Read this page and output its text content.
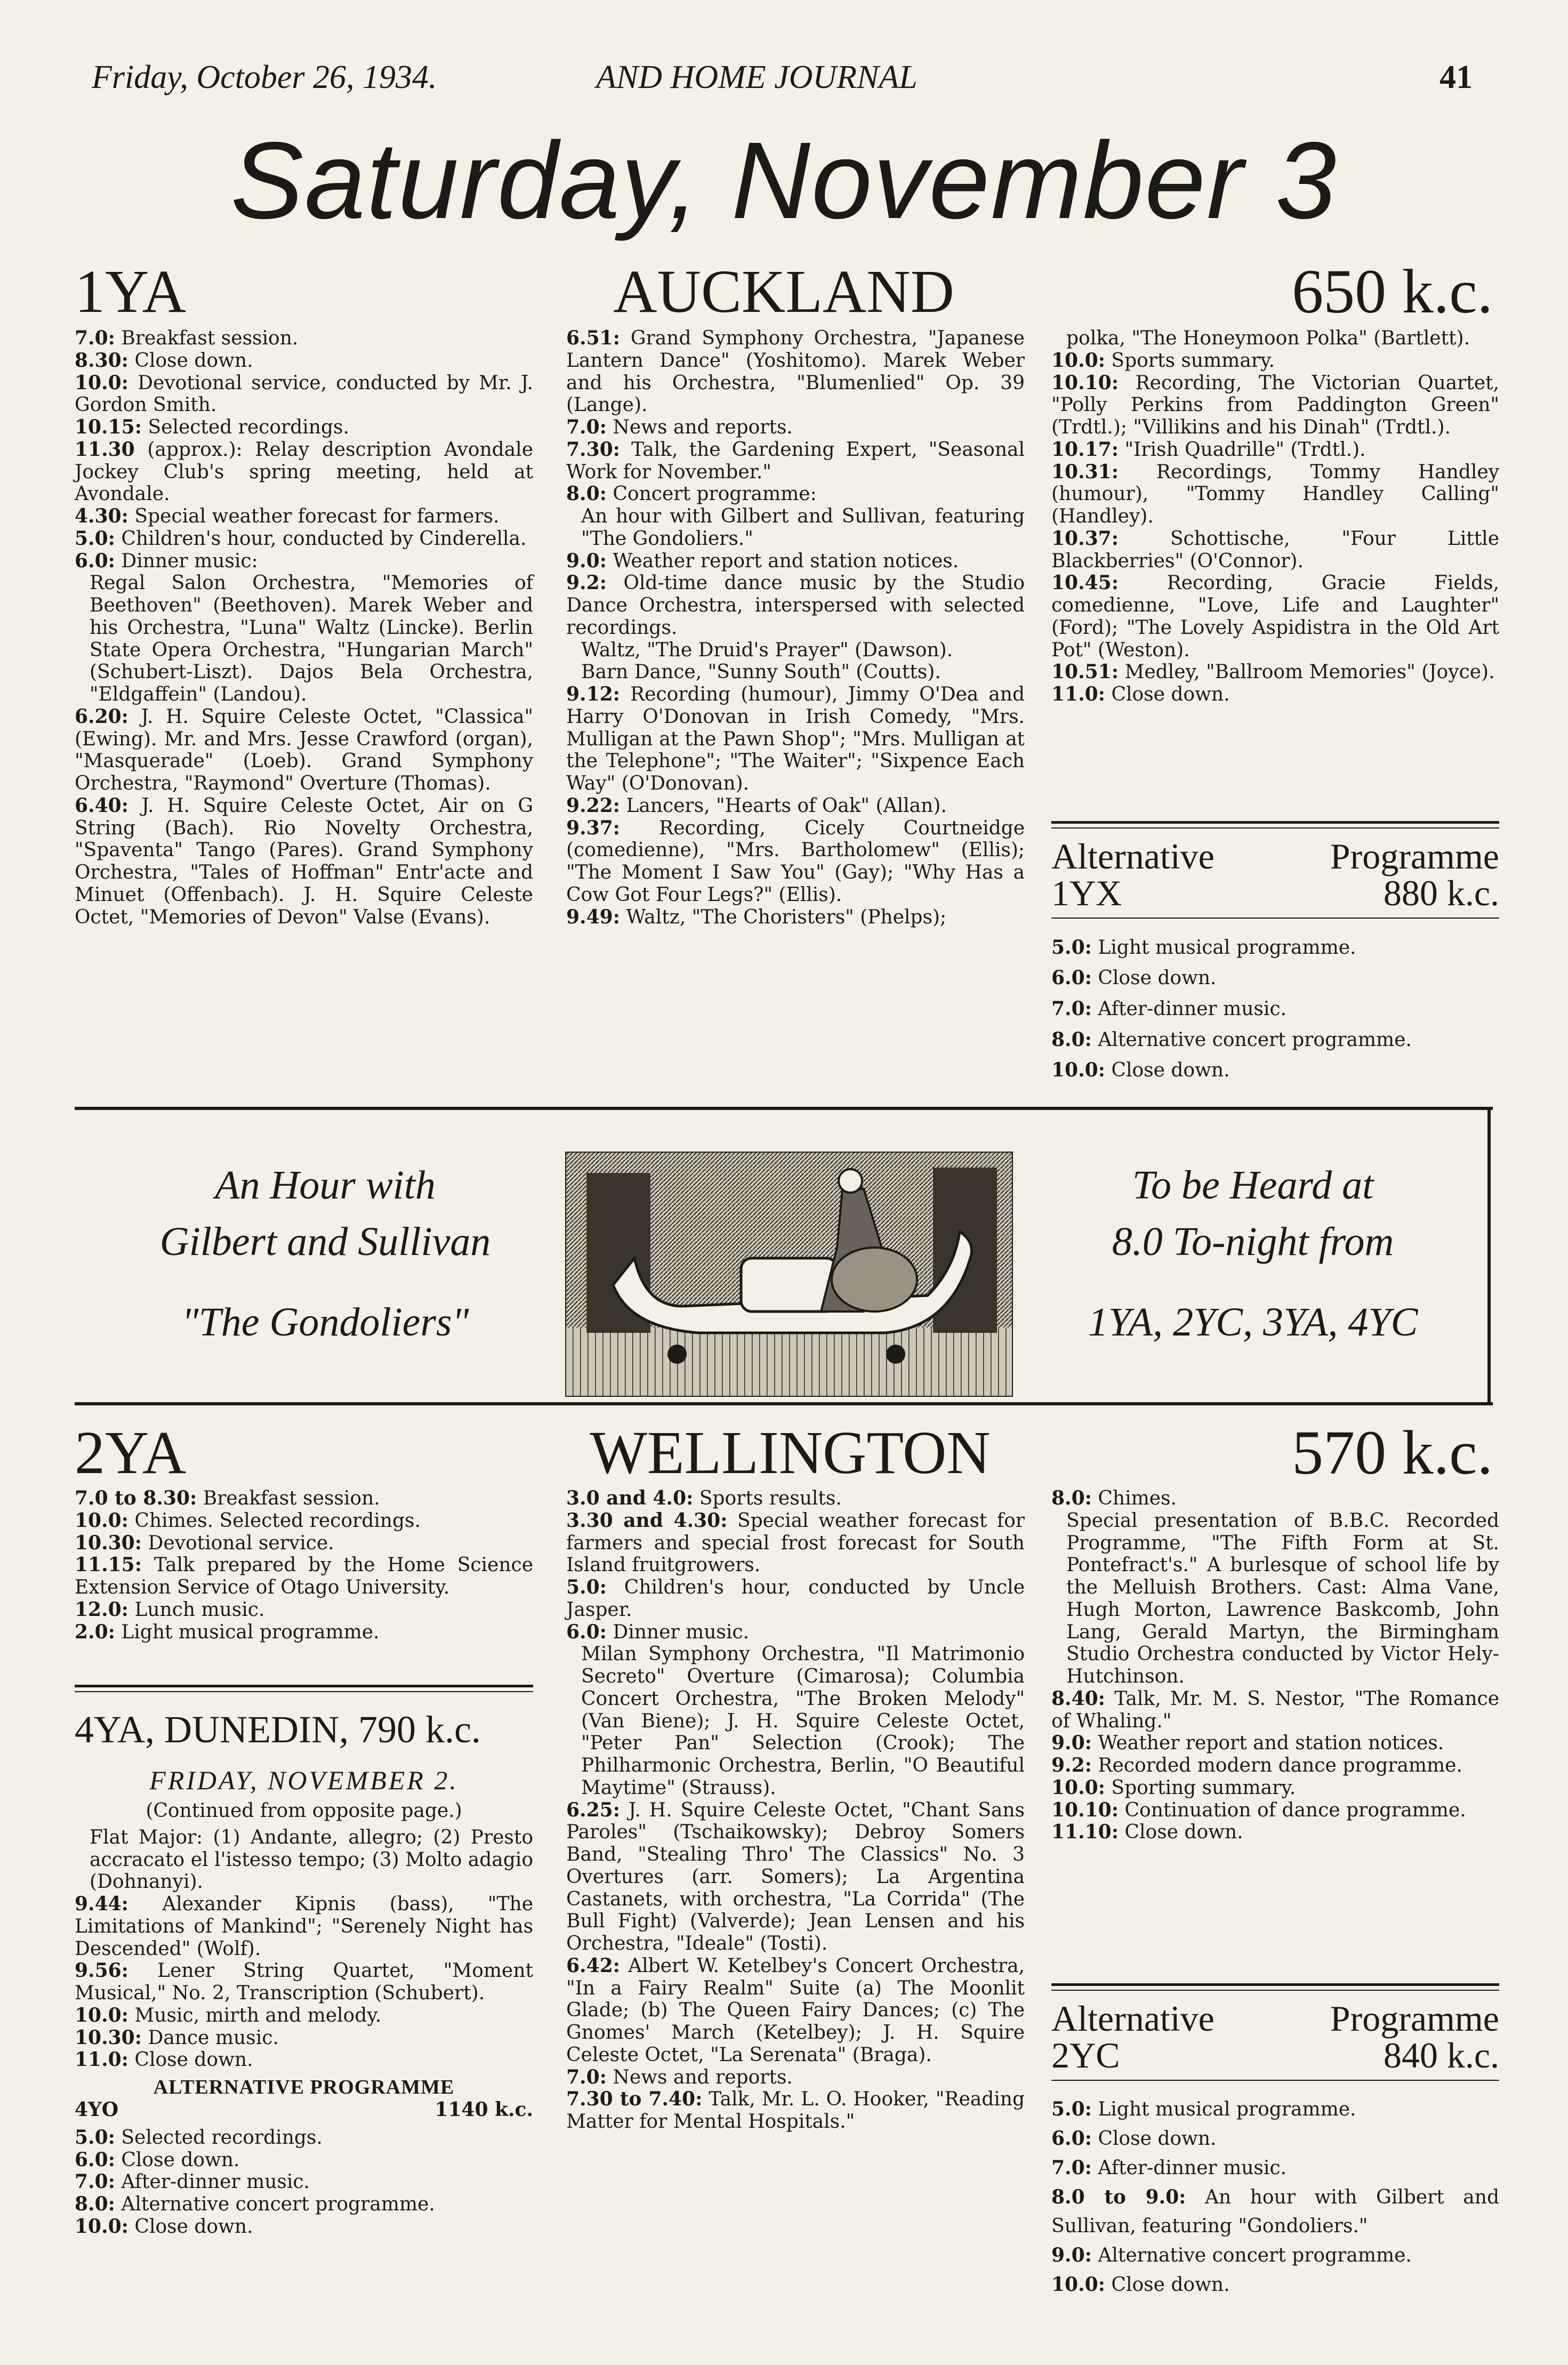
Friday, October 26, 1934.	AND HOME JOURNAL	41
Saturday, November 3
1YA	AUCKLAND	650 k.c.

7.0: Breakfast session.

8.30: Close down.

10.0: Devotional service, conducted by Mr. J. Gordon Smith.

10.15: Selected recordings.

11.30 (approx.): Relay description Avondale Jockey Club's spring meeting, held at Avondale.

4.30: Special weather forecast for farmers.

5.0: Children's hour, conducted by Cinderella.

6.0: Dinner music:

Regal Salon Orchestra, "Memories of Beethoven" (Beethoven). Marek Weber and his Orchestra, "Luna" Waltz (Lincke). Berlin State Opera Orchestra, "Hungarian March" (Schubert-Liszt). Dajos Bela Orchestra, "Eldgaffein" (Landou).

6.20: J. H. Squire Celeste Octet, "Classica" (Ewing). Mr. and Mrs. Jesse Crawford (organ), "Masquerade" (Loeb). Grand Symphony Orchestra, "Raymond" Overture (Thomas).

6.40: J. H. Squire Celeste Octet, Air on G String (Bach). Rio Novelty Orchestra, "Spaventa" Tango (Pares). Grand Symphony Orchestra, "Tales of Hoffman" Entr'acte and Minuet (Offenbach). J. H. Squire Celeste Octet, "Memories of Devon" Valse (Evans).

6.51: Grand Symphony Orchestra, "Japanese Lantern Dance" (Yoshitomo). Marek Weber and his Orchestra, "Blumenlied" Op. 39 (Lange).

7.0: News and reports.

7.30: Talk, the Gardening Expert, "Seasonal Work for November."

8.0: Concert programme:

An hour with Gilbert and Sullivan, featuring "The Gondoliers."

9.0: Weather report and station notices.

9.2: Old-time dance music by the Studio Dance Orchestra, interspersed with selected recordings.

Waltz, "The Druid's Prayer" (Dawson).

Barn Dance, "Sunny South" (Coutts).

9.12: Recording (humour), Jimmy O'Dea and Harry O'Donovan in Irish Comedy, "Mrs. Mulligan at the Pawn Shop"; "Mrs. Mulligan at the Telephone"; "The Waiter"; "Sixpence Each Way" (O'Donovan).

9.22: Lancers, "Hearts of Oak" (Allan).

9.37: Recording, Cicely Courtneidge (comedienne), "Mrs. Bartholomew" (Ellis); "The Moment I Saw You" (Gay); "Why Has a Cow Got Four Legs?" (Ellis).

9.49: Waltz, "The Choristers" (Phelps);

polka, "The Honeymoon Polka" (Bartlett).

10.0: Sports summary.

10.10: Recording, The Victorian Quartet, "Polly Perkins from Paddington Green" (Trdtl.); "Villikins and his Dinah" (Trdtl.).

10.17: "Irish Quadrille" (Trdtl.).

10.31: Recordings, Tommy Handley (humour), "Tommy Handley Calling" (Handley).

10.37: Schottische, "Four Little Blackberries" (O'Connor).

10.45: Recording, Gracie Fields, comedienne, "Love, Life and Laughter" (Ford); "The Lovely Aspidistra in the Old Art Pot" (Weston).

10.51: Medley, "Ballroom Memories" (Joyce).

11.0: Close down.

Alternative	Programme
1YX	880 k.c.

5.0: Light musical programme.

6.0: Close down.

7.0: After-dinner music.

8.0: Alternative concert programme.

10.0: Close down.

An Hour with
Gilbert and Sullivan
"The Gondoliers"
To be Heard at
8.0 To-night from
1YA, 2YC, 3YA, 4YC
2YA	WELLINGTON	570 k.c.

7.0 to 8.30: Breakfast session.

10.0: Chimes. Selected recordings.

10.30: Devotional service.

11.15: Talk prepared by the Home Science Extension Service of Otago University.

12.0: Lunch music.

2.0: Light musical programme.

3.0 and 4.0: Sports results.

3.30 and 4.30: Special weather forecast for farmers and special frost forecast for South Island fruitgrowers.

5.0: Children's hour, conducted by Uncle Jasper.

6.0: Dinner music.

Milan Symphony Orchestra, "Il Matrimonio Secreto" Overture (Cimarosa); Columbia Concert Orchestra, "The Broken Melody" (Van Biene); J. H. Squire Celeste Octet, "Peter Pan" Selection (Crook); The Philharmonic Orchestra, Berlin, "O Beautiful Maytime" (Strauss).

6.25: J. H. Squire Celeste Octet, "Chant Sans Paroles" (Tschaikowsky); Debroy Somers Band, "Stealing Thro' The Classics" No. 3 Overtures (arr. Somers); La Argentina Castanets, with orchestra, "La Corrida" (The Bull Fight) (Valverde); Jean Lensen and his Orchestra, "Ideale" (Tosti).

6.42: Albert W. Ketelbey's Concert Orchestra, "In a Fairy Realm" Suite (a) The Moonlit Glade; (b) The Queen Fairy Dances; (c) The Gnomes' March (Ketelbey); J. H. Squire Celeste Octet, "La Serenata" (Braga).

7.0: News and reports.

7.30 to 7.40: Talk, Mr. L. O. Hooker, "Reading Matter for Mental Hospitals."

8.0: Chimes.

Special presentation of B.B.C. Recorded Programme, "The Fifth Form at St. Pontefract's." A burlesque of school life by the Melluish Brothers. Cast: Alma Vane, Hugh Morton, Lawrence Baskcomb, John Lang, Gerald Martyn, the Birmingham Studio Orchestra conducted by Victor Hely-Hutchinson.

8.40: Talk, Mr. M. S. Nestor, "The Romance of Whaling."

9.0: Weather report and station notices.

9.2: Recorded modern dance programme.

10.0: Sporting summary.

10.10: Continuation of dance programme.

11.10: Close down.

4YA, DUNEDIN, 790 k.c.
FRIDAY, NOVEMBER 2.
(Continued from opposite page.)

Flat Major: (1) Andante, allegro; (2) Presto accracato el l'istesso tempo; (3) Molto adagio (Dohnanyi).

9.44: Alexander Kipnis (bass), "The Limitations of Mankind"; "Serenely Night has Descended" (Wolf).

9.56: Lener String Quartet, "Moment Musical," No. 2, Transcription (Schubert).

10.0: Music, mirth and melody.

10.30: Dance music.

11.0: Close down.

ALTERNATIVE PROGRAMME
4YO	1140 k.c.

5.0: Selected recordings.

6.0: Close down.

7.0: After-dinner music.

8.0: Alternative concert programme.

10.0: Close down.

Alternative	Programme
2YC	840 k.c.

5.0: Light musical programme.

6.0: Close down.

7.0: After-dinner music.

8.0 to 9.0: An hour with Gilbert and Sullivan, featuring "Gondoliers."

9.0: Alternative concert programme.

10.0: Close down.
